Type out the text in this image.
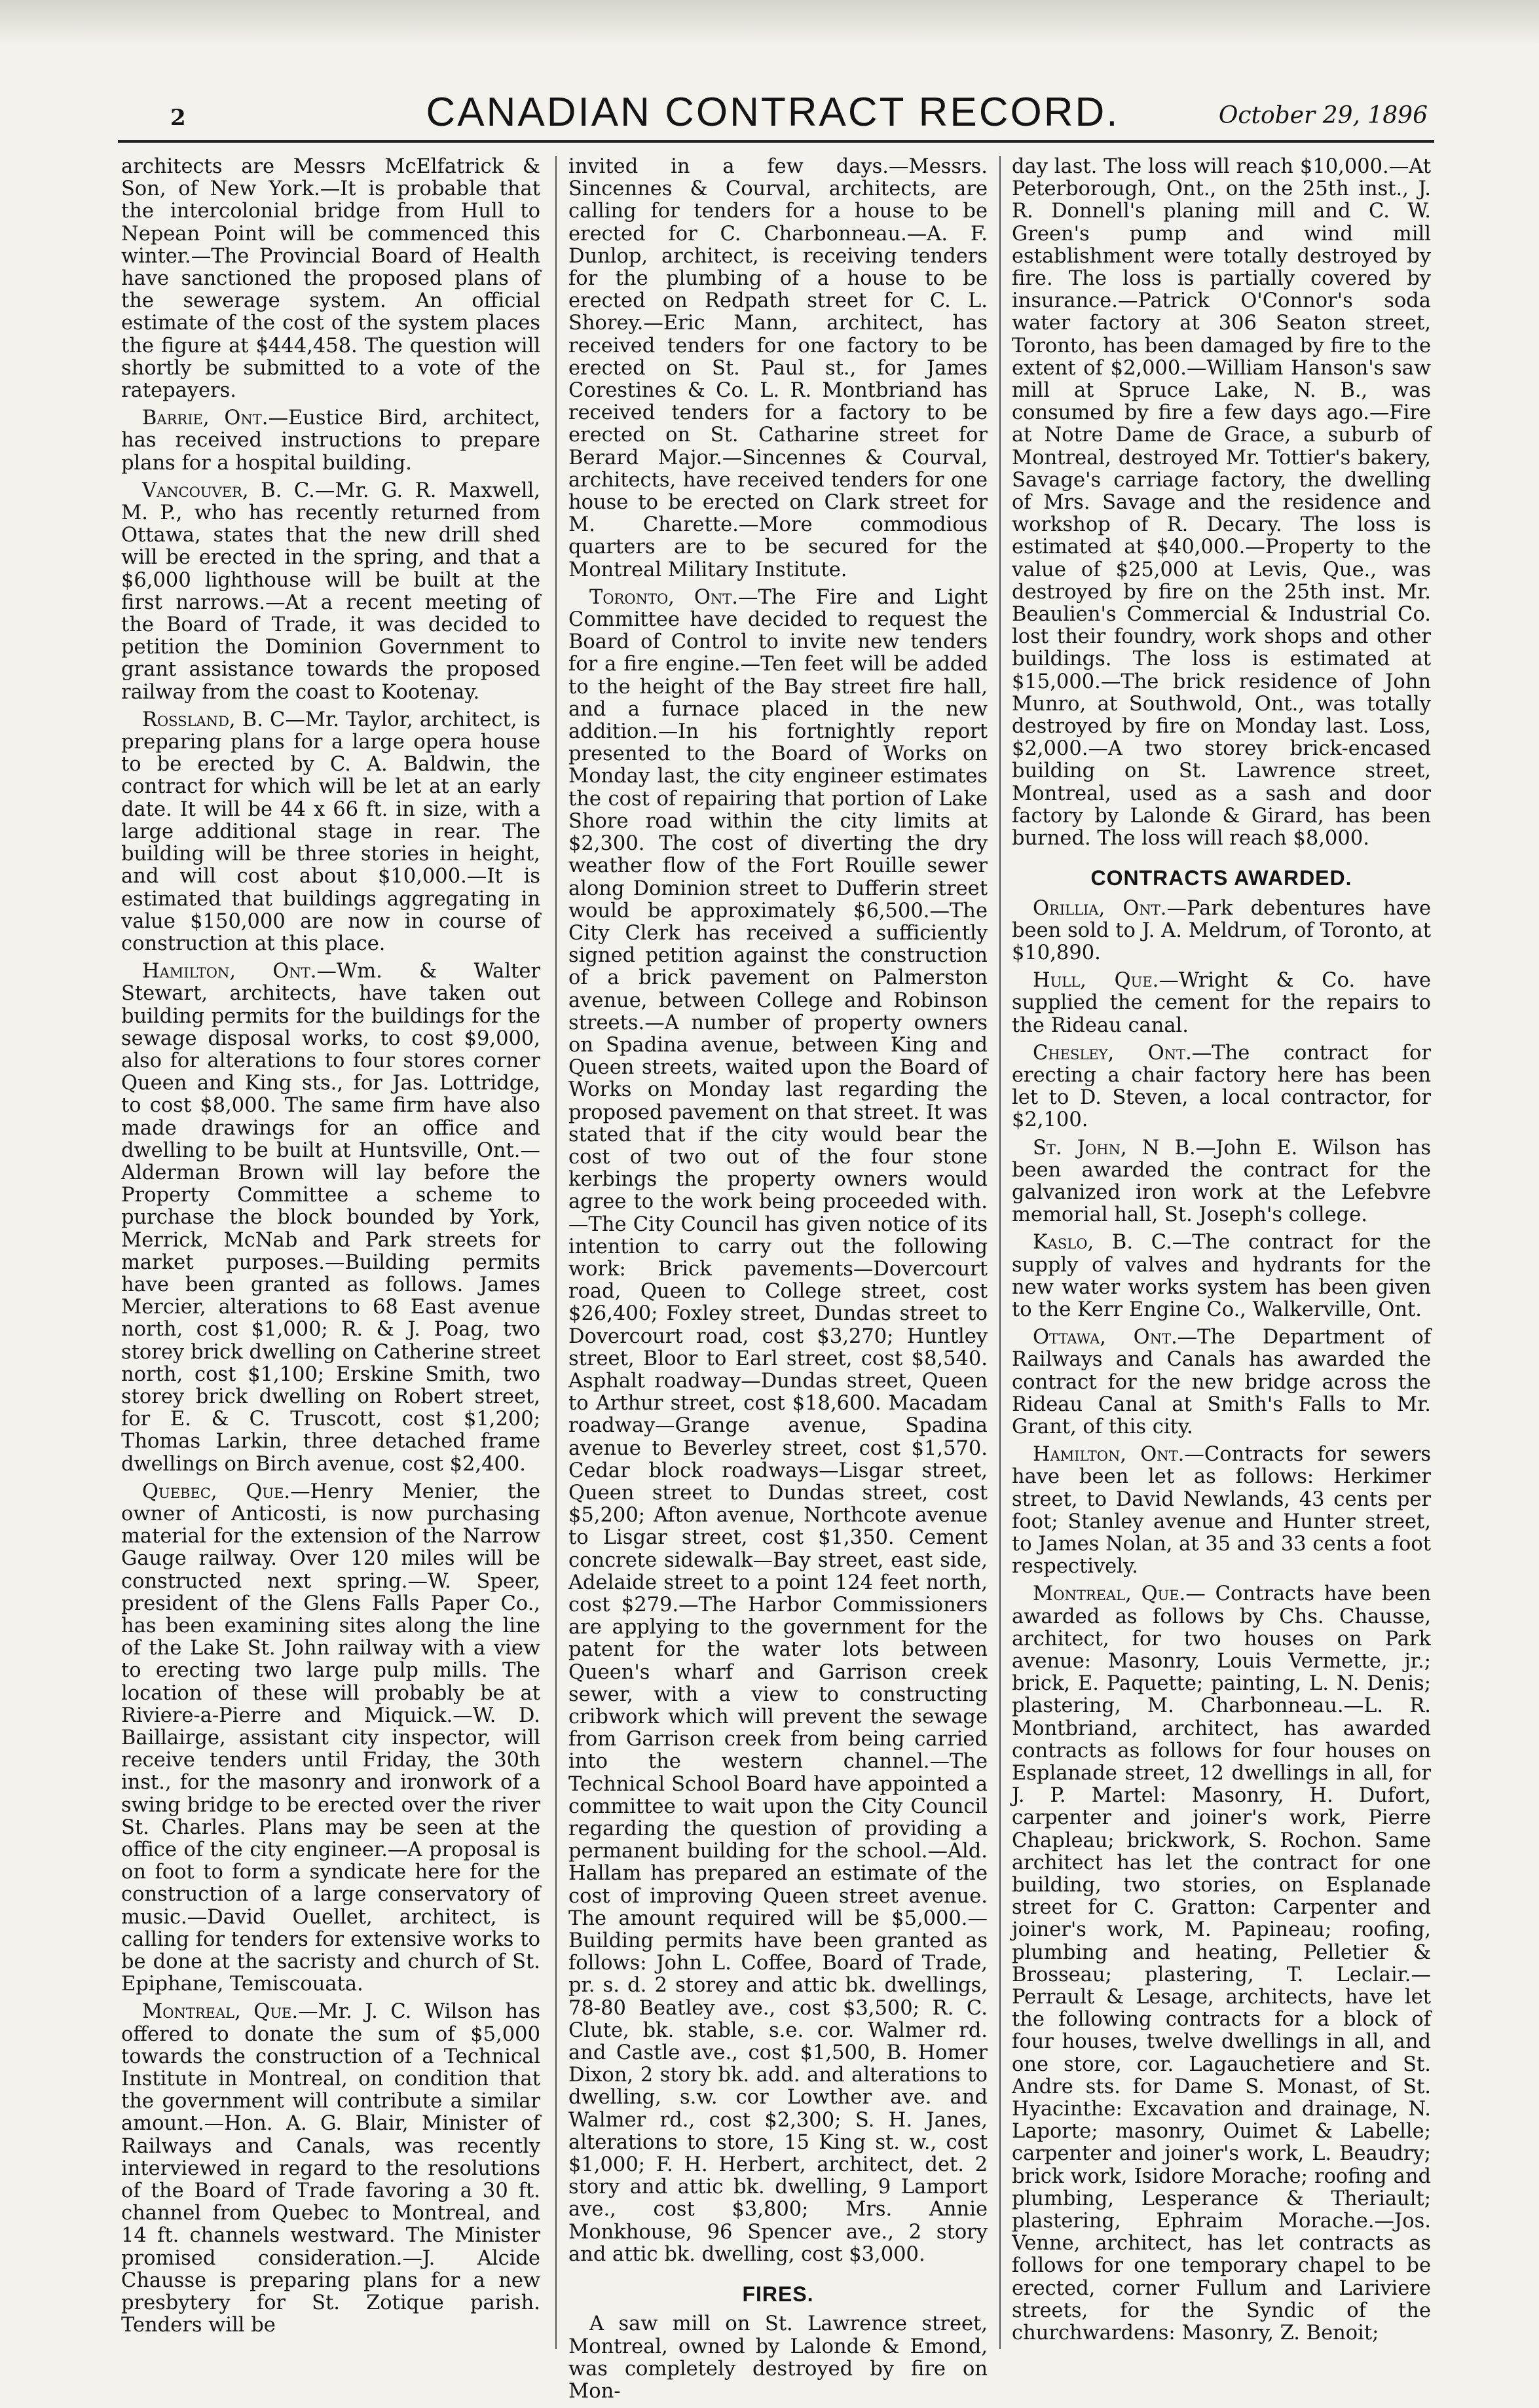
2	CANADIAN CONTRACT RECORD.	October 29, 1896

architects are Messrs McElfatrick & Son, of New York.—It is probable that the intercolonial bridge from Hull to Nepean Point will be commenced this winter.—The Provincial Board of Health have sanctioned the proposed plans of the sewerage system. An official estimate of the cost of the system places the figure at $444,458. The question will shortly be submitted to a vote of the ratepayers.

Barrie, Ont.—Eustice Bird, architect, has received instructions to prepare plans for a hospital building.

Vancouver, B. C.—Mr. G. R. Maxwell, M. P., who has recently returned from Ottawa, states that the new drill shed will be erected in the spring, and that a $6,000 lighthouse will be built at the first narrows.—At a recent meeting of the Board of Trade, it was decided to petition the Dominion Government to grant assistance towards the proposed railway from the coast to Kootenay.

Rossland, B. C—Mr. Taylor, architect, is preparing plans for a large opera house to be erected by C. A. Baldwin, the contract for which will be let at an early date. It will be 44 x 66 ft. in size, with a large additional stage in rear. The building will be three stories in height, and will cost about $10,000.—It is estimated that buildings aggregating in value $150,000 are now in course of construction at this place.

Hamilton, Ont.—Wm. & Walter Stewart, architects, have taken out building permits for the buildings for the sewage disposal works, to cost $9,000, also for alterations to four stores corner Queen and King sts., for Jas. Lottridge, to cost $8,000. The same firm have also made drawings for an office and dwelling to be built at Huntsville, Ont.—Alderman Brown will lay before the Property Committee a scheme to purchase the block bounded by York, Merrick, McNab and Park streets for market purposes.—Building permits have been granted as follows. James Mercier, alterations to 68 East avenue north, cost $1,000; R. & J. Poag, two storey brick dwelling on Catherine street north, cost $1,100; Erskine Smith, two storey brick dwelling on Robert street, for E. & C. Truscott, cost $1,200; Thomas Larkin, three detached frame dwellings on Birch avenue, cost $2,400.

Quebec, Que.—Henry Menier, the owner of Anticosti, is now purchasing material for the extension of the Narrow Gauge railway. Over 120 miles will be constructed next spring.—W. Speer, president of the Glens Falls Paper Co., has been examining sites along the line of the Lake St. John railway with a view to erecting two large pulp mills. The location of these will probably be at Riviere-a-Pierre and Miquick.—W. D. Baillairge, assistant city inspector, will receive tenders until Friday, the 30th inst., for the masonry and ironwork of a swing bridge to be erected over the river St. Charles. Plans may be seen at the office of the city engineer.—A proposal is on foot to form a syndicate here for the construction of a large conservatory of music.—David Ouellet, architect, is calling for tenders for extensive works to be done at the sacristy and church of St. Epiphane, Temiscouata.

Montreal, Que.—Mr. J. C. Wilson has offered to donate the sum of $5,000 towards the construction of a Technical Institute in Montreal, on condition that the government will contribute a similar amount.—Hon. A. G. Blair, Minister of Railways and Canals, was recently interviewed in regard to the resolutions of the Board of Trade favoring a 30 ft. channel from Quebec to Montreal, and 14 ft. channels westward. The Minister promised consideration.—J. Alcide Chausse is preparing plans for a new presbytery for St. Zotique parish. Tenders will be

invited in a few days.—Messrs. Sincennes & Courval, architects, are calling for tenders for a house to be erected for C. Charbonneau.—A. F. Dunlop, architect, is receiving tenders for the plumbing of a house to be erected on Redpath street for C. L. Shorey.—Eric Mann, architect, has received tenders for one factory to be erected on St. Paul st., for James Corestines & Co. L. R. Montbriand has received tenders for a factory to be erected on St. Catharine street for Berard Major.—Sincennes & Courval, architects, have received tenders for one house to be erected on Clark street for M. Charette.—More commodious quarters are to be secured for the Montreal Military Institute.

Toronto, Ont.—The Fire and Light Committee have decided to request the Board of Control to invite new tenders for a fire engine.—Ten feet will be added to the height of the Bay street fire hall, and a furnace placed in the new addition.—In his fortnightly report presented to the Board of Works on Monday last, the city engineer estimates the cost of repairing that portion of Lake Shore road within the city limits at $2,300. The cost of diverting the dry weather flow of the Fort Rouille sewer along Dominion street to Dufferin street would be approximately $6,500.—The City Clerk has received a sufficiently signed petition against the construction of a brick pavement on Palmerston avenue, between College and Robinson streets.—A number of property owners on Spadina avenue, between King and Queen streets, waited upon the Board of Works on Monday last regarding the proposed pavement on that street. It was stated that if the city would bear the cost of two out of the four stone kerbings the property owners would agree to the work being proceeded with.—The City Council has given notice of its intention to carry out the following work: Brick pavements—Dovercourt road, Queen to College street, cost $26,400; Foxley street, Dundas street to Dovercourt road, cost $3,270; Huntley street, Bloor to Earl street, cost $8,540. Asphalt roadway—Dundas street, Queen to Arthur street, cost $18,600. Macadam roadway—Grange avenue, Spadina avenue to Beverley street, cost $1,570. Cedar block roadways—Lisgar street, Queen street to Dundas street, cost $5,200; Afton avenue, Northcote avenue to Lisgar street, cost $1,350. Cement concrete sidewalk—Bay street, east side, Adelaide street to a point 124 feet north, cost $279.—The Harbor Commissioners are applying to the government for the patent for the water lots between Queen's wharf and Garrison creek sewer, with a view to constructing cribwork which will prevent the sewage from Garrison creek from being carried into the western channel.—The Technical School Board have appointed a committee to wait upon the City Council regarding the question of providing a permanent building for the school.—Ald. Hallam has prepared an estimate of the cost of improving Queen street avenue. The amount required will be $5,000.—Building permits have been granted as follows: John L. Coffee, Board of Trade, pr. s. d. 2 storey and attic bk. dwellings, 78-80 Beatley ave., cost $3,500; R. C. Clute, bk. stable, s.e. cor. Walmer rd. and Castle ave., cost $1,500, B. Homer Dixon, 2 story bk. add. and alterations to dwelling, s.w. cor Lowther ave. and Walmer rd., cost $2,300; S. H. Janes, alterations to store, 15 King st. w., cost $1,000; F. H. Herbert, architect, det. 2 story and attic bk. dwelling, 9 Lamport ave., cost $3,800; Mrs. Annie Monkhouse, 96 Spencer ave., 2 story and attic bk. dwelling, cost $3,000.

FIRES.

A saw mill on St. Lawrence street, Montreal, owned by Lalonde & Emond, was completely destroyed by fire on Mon-

day last. The loss will reach $10,000.—At Peterborough, Ont., on the 25th inst., J. R. Donnell's planing mill and C. W. Green's pump and wind mill establishment were totally destroyed by fire. The loss is partially covered by insurance.—Patrick O'Connor's soda water factory at 306 Seaton street, Toronto, has been damaged by fire to the extent of $2,000.—William Hanson's saw mill at Spruce Lake, N. B., was consumed by fire a few days ago.—Fire at Notre Dame de Grace, a suburb of Montreal, destroyed Mr. Tottier's bakery, Savage's carriage factory, the dwelling of Mrs. Savage and the residence and workshop of R. Decary. The loss is estimated at $40,000.—Property to the value of $25,000 at Levis, Que., was destroyed by fire on the 25th inst. Mr. Beaulien's Commercial & Industrial Co. lost their foundry, work shops and other buildings. The loss is estimated at $15,000.—The brick residence of John Munro, at Southwold, Ont., was totally destroyed by fire on Monday last. Loss, $2,000.—A two storey brick-encased building on St. Lawrence street, Montreal, used as a sash and door factory by Lalonde & Girard, has been burned. The loss will reach $8,000.

CONTRACTS AWARDED.

Orillia, Ont.—Park debentures have been sold to J. A. Meldrum, of Toronto, at $10,890.

Hull, Que.—Wright & Co. have supplied the cement for the repairs to the Rideau canal.

Chesley, Ont.—The contract for erecting a chair factory here has been let to D. Steven, a local contractor, for $2,100.

St. John, N B.—John E. Wilson has been awarded the contract for the galvanized iron work at the Lefebvre memorial hall, St. Joseph's college.

Kaslo, B. C.—The contract for the supply of valves and hydrants for the new water works system has been given to the Kerr Engine Co., Walkerville, Ont.

Ottawa, Ont.—The Department of Railways and Canals has awarded the contract for the new bridge across the Rideau Canal at Smith's Falls to Mr. Grant, of this city.

Hamilton, Ont.—Contracts for sewers have been let as follows: Herkimer street, to David Newlands, 43 cents per foot; Stanley avenue and Hunter street, to James Nolan, at 35 and 33 cents a foot respectively.

Montreal, Que.— Contracts have been awarded as follows by Chs. Chausse, architect, for two houses on Park avenue: Masonry, Louis Vermette, jr.; brick, E. Paquette; painting, L. N. Denis; plastering, M. Charbonneau.—L. R. Montbriand, architect, has awarded contracts as follows for four houses on Esplanade street, 12 dwellings in all, for J. P. Martel: Masonry, H. Dufort, carpenter and joiner's work, Pierre Chapleau; brickwork, S. Rochon. Same architect has let the contract for one building, two stories, on Esplanade street for C. Gratton: Carpenter and joiner's work, M. Papineau; roofing, plumbing and heating, Pelletier & Brosseau; plastering, T. Leclair.—Perrault & Lesage, architects, have let the following contracts for a block of four houses, twelve dwellings in all, and one store, cor. Lagauchetiere and St. Andre sts. for Dame S. Monast, of St. Hyacinthe: Excavation and drainage, N. Laporte; masonry, Ouimet & Labelle; carpenter and joiner's work, L. Beaudry; brick work, Isidore Morache; roofing and plumbing, Lesperance & Theriault; plastering, Ephraim Morache.—Jos. Venne, architect, has let contracts as follows for one temporary chapel to be erected, corner Fullum and Lariviere streets, for the Syndic of the churchwardens: Masonry, Z. Benoit;
